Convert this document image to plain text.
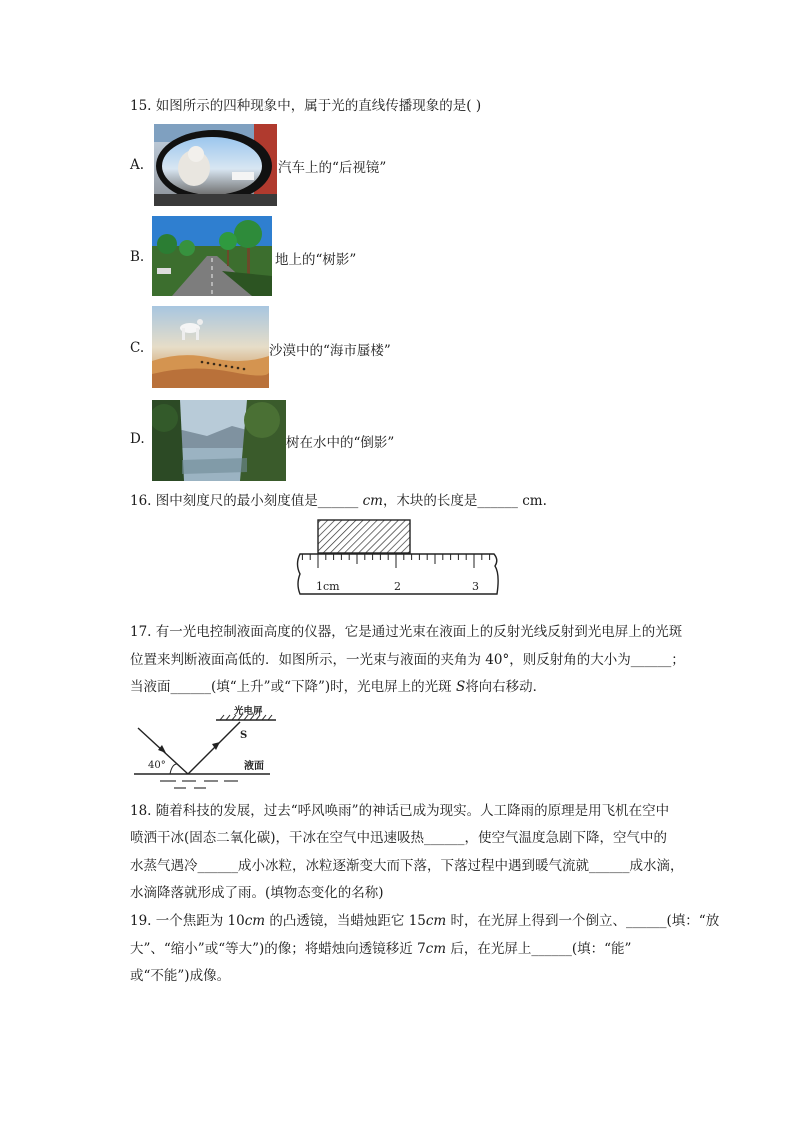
15. 如图所示的四种现象中，属于光的直线传播现象的是( )
A.	汽车上的“后视镜”
B.	地上的“树影”
C.	沙漠中的“海市蜃楼”
D.	树在水中的“倒影”
16. 图中刻度尺的最小刻度值是______ cm，木块的长度是______ cm.
1cm	2	3
17. 有一光电控制液面高度的仪器，它是通过光束在液面上的反射光线反射到光电屏上的光斑
位置来判断液面高低的．如图所示，一光束与液面的夹角为 40°，则反射角的大小为______；
当液面______(填“上升”或“下降”)时，光电屏上的光斑 S将向右移动．
光电屏
S
40°	液面
18. 随着科技的发展，过去“呼风唤雨”的神话已成为现实。人工降雨的原理是用飞机在空中
喷洒干冰(固态二氧化碳)，干冰在空气中迅速吸热______，使空气温度急剧下降，空气中的
水蒸气遇冷______成小冰粒，冰粒逐渐变大而下落，下落过程中遇到暖气流就______成水滴，
水滴降落就形成了雨。(填物态变化的名称)
19. 一个焦距为 10cm 的凸透镜，当蜡烛距它 15cm 时，在光屏上得到一个倒立、______(填：“放
大”、“缩小”或“等大”)的像；将蜡烛向透镜移近 7cm 后，在光屏上______(填：“能”
或“不能”)成像。
